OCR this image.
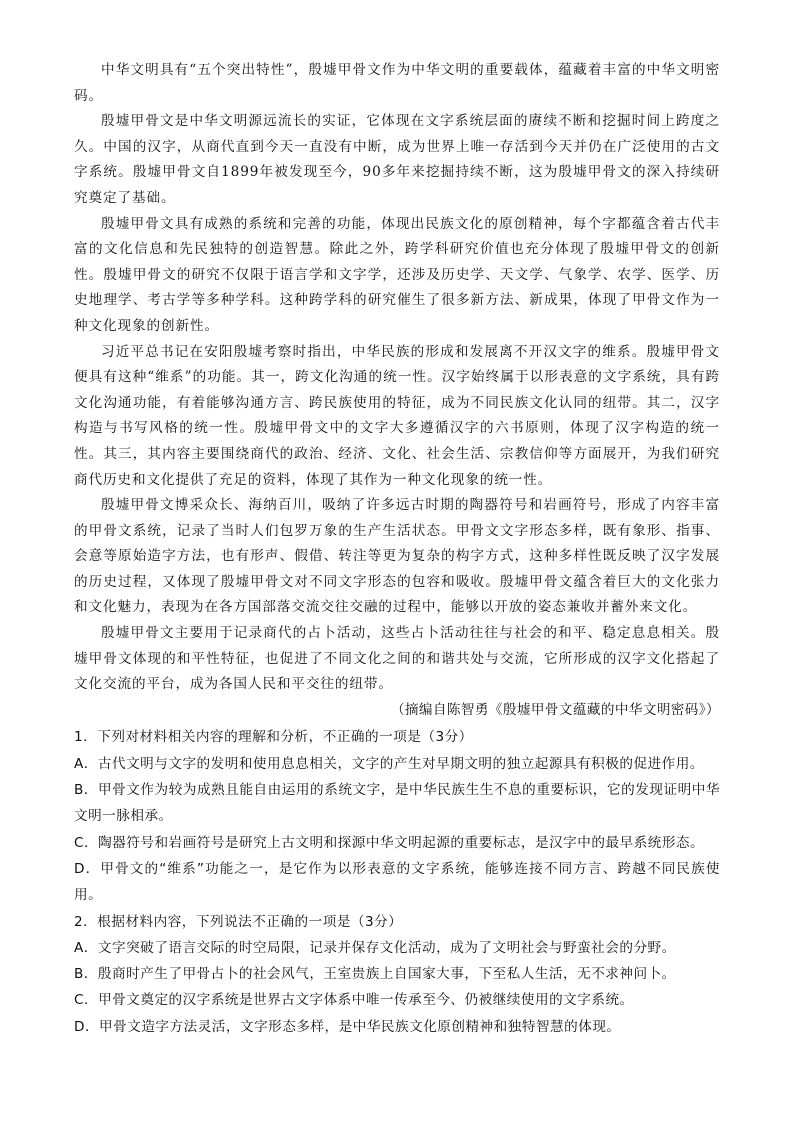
中华文明具有“五个突出特性”，殷墟甲骨文作为中华文明的重要载体，蕴藏着丰富的中华文明密码。

殷墟甲骨文是中华文明源远流长的实证，它体现在文字系统层面的赓续不断和挖掘时间上跨度之久。中国的汉字，从商代直到今天一直没有中断，成为世界上唯一存活到今天并仍在广泛使用的古文字系统。殷墟甲骨文自1899年被发现至今，90多年来挖掘持续不断，这为殷墟甲骨文的深入持续研究奠定了基础。

殷墟甲骨文具有成熟的系统和完善的功能，体现出民族文化的原创精神，每个字都蕴含着古代丰富的文化信息和先民独特的创造智慧。除此之外，跨学科研究价值也充分体现了殷墟甲骨文的创新性。殷墟甲骨文的研究不仅限于语言学和文字学，还涉及历史学、天文学、气象学、农学、医学、历史地理学、考古学等多种学科。这种跨学科的研究催生了很多新方法、新成果，体现了甲骨文作为一种文化现象的创新性。

习近平总书记在安阳殷墟考察时指出，中华民族的形成和发展离不开汉文字的维系。殷墟甲骨文便具有这种“维系”的功能。其一，跨文化沟通的统一性。汉字始终属于以形表意的文字系统，具有跨文化沟通功能，有着能够沟通方言、跨民族使用的特征，成为不同民族文化认同的纽带。其二，汉字构造与书写风格的统一性。殷墟甲骨文中的文字大多遵循汉字的六书原则，体现了汉字构造的统一性。其三，其内容主要围绕商代的政治、经济、文化、社会生活、宗教信仰等方面展开，为我们研究商代历史和文化提供了充足的资料，体现了其作为一种文化现象的统一性。

殷墟甲骨文博采众长、海纳百川，吸纳了许多远古时期的陶器符号和岩画符号，形成了内容丰富的甲骨文系统，记录了当时人们包罗万象的生产生活状态。甲骨文文字形态多样，既有象形、指事、会意等原始造字方法，也有形声、假借、转注等更为复杂的构字方式，这种多样性既反映了汉字发展的历史过程，又体现了殷墟甲骨文对不同文字形态的包容和吸收。殷墟甲骨文蕴含着巨大的文化张力和文化魅力，表现为在各方国部落交流交往交融的过程中，能够以开放的姿态兼收并蓄外来文化。

殷墟甲骨文主要用于记录商代的占卜活动，这些占卜活动往往与社会的和平、稳定息息相关。殷墟甲骨文体现的和平性特征，也促进了不同文化之间的和谐共处与交流，它所形成的汉字文化搭起了文化交流的平台，成为各国人民和平交往的纽带。

（摘编自陈智勇《殷墟甲骨文蕴藏的中华文明密码》）

1．下列对材料相关内容的理解和分析，不正确的一项是（3分）

A．古代文明与文字的发明和使用息息相关，文字的产生对早期文明的独立起源具有积极的促进作用。

B．甲骨文作为较为成熟且能自由运用的系统文字，是中华民族生生不息的重要标识，它的发现证明中华文明一脉相承。

C．陶器符号和岩画符号是研究上古文明和探源中华文明起源的重要标志，是汉字中的最早系统形态。

D．甲骨文的“维系”功能之一，是它作为以形表意的文字系统，能够连接不同方言、跨越不同民族使用。

2．根据材料内容，下列说法不正确的一项是（3分）

A．文字突破了语言交际的时空局限，记录并保存文化活动，成为了文明社会与野蛮社会的分野。

B．殷商时产生了甲骨占卜的社会风气，王室贵族上自国家大事，下至私人生活，无不求神问卜。

C．甲骨文奠定的汉字系统是世界古文字体系中唯一传承至今、仍被继续使用的文字系统。

D．甲骨文造字方法灵活，文字形态多样，是中华民族文化原创精神和独特智慧的体现。
